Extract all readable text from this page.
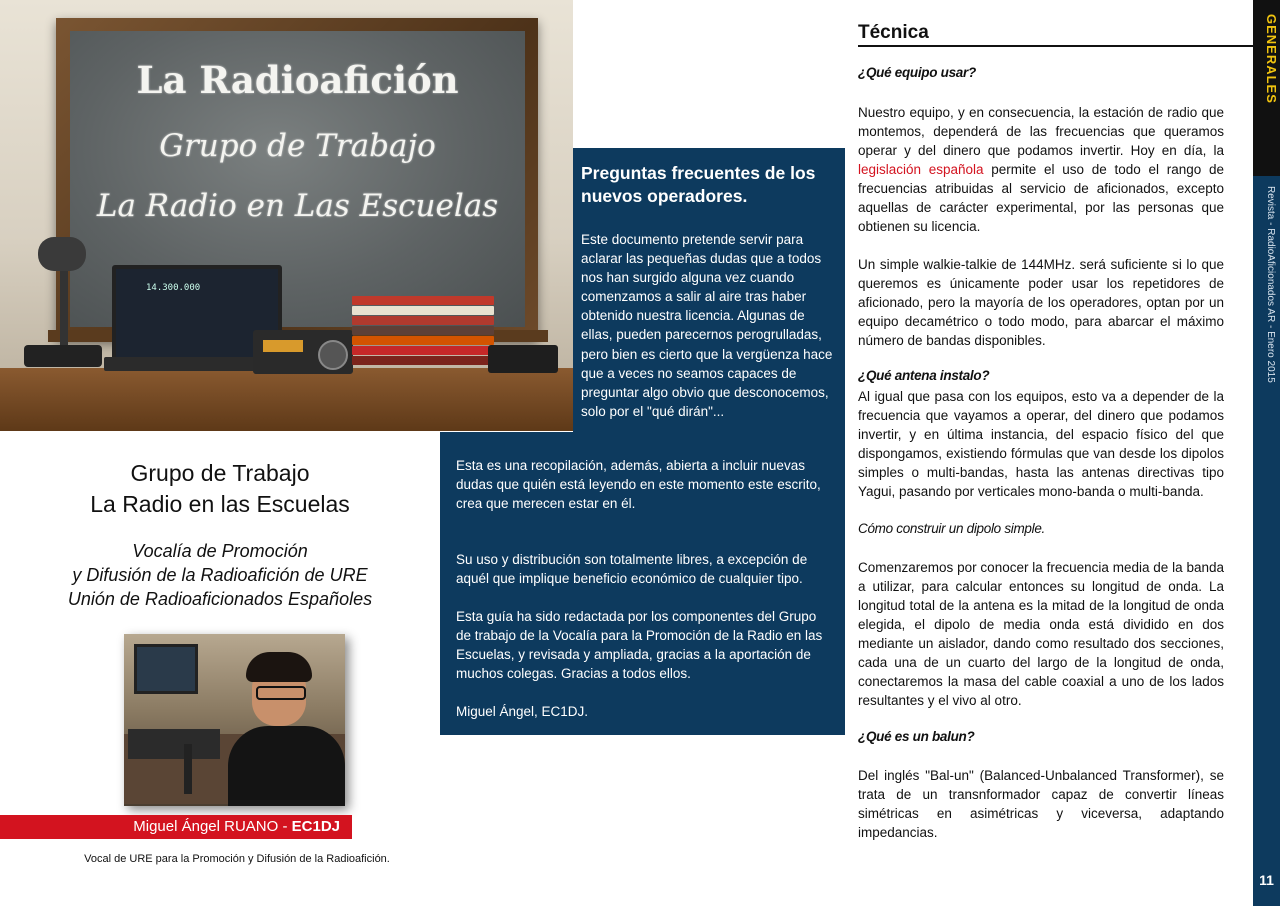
La Radioafición
Grupo de Trabajo
La Radio en Las Escuelas
14.300.000
Preguntas frecuentes de los nuevos operadores.
Este documento pretende servir para aclarar las pequeñas dudas que a todos nos han surgido alguna vez cuando comenzamos a salir al aire tras haber obtenido nuestra licencia. Algunas de ellas, pueden parecernos perogrulladas, pero bien es cierto que la vergüenza hace que a veces no seamos capaces de preguntar algo obvio que desconocemos, solo por el "qué dirán"...

Esta es una recopilación, además, abierta a incluir nuevas dudas que quién está leyendo en este momento este escrito, crea que merecen estar en él.

Su uso y distribución son totalmente libres, a excepción de aquél que implique beneficio económico de cualquier tipo.

Esta guía ha sido redactada por los componentes del Grupo de trabajo de la Vocalía para la Promoción de la Radio en las Escuelas, y revisada y ampliada, gracias a la aportación de muchos colegas. Gracias a todos ellos.

Miguel Ángel, EC1DJ.

Grupo de Trabajo
La Radio en las Escuelas
Vocalía de Promoción
y Difusión de la Radioafición de URE
Unión de Radioaficionados Españoles
Miguel Ángel RUANO - EC1DJ
Vocal de URE para la Promoción y Difusión de la Radioafición.
Técnica

¿Qué equipo usar?

Nuestro equipo, y en consecuencia, la estación de radio que montemos, dependerá de las frecuencias que queramos operar y del dinero que podamos invertir. Hoy en día, la legislación española permite el uso de todo el rango de frecuencias atribuidas al servicio de aficionados, excepto aquellas de carácter experimental, por las personas que obtienen su licencia.

Un simple walkie-talkie de 144MHz. será suficiente si lo que queremos es únicamente poder usar los repetidores de aficionado, pero la mayoría de los operadores, optan por un equipo decamétrico o todo modo, para abarcar el máximo número de bandas disponibles.

¿Qué antena instalo?

Al igual que pasa con los equipos, esto va a depender de la frecuencia que vayamos a operar, del dinero que podamos invertir, y en última instancia, del espacio físico del que dispongamos, existiendo fórmulas que van desde los dipolos simples o multi-bandas, hasta las antenas directivas tipo Yagui, pasando por verticales mono-banda o multi-banda.

Cómo construir un dipolo simple.

Comenzaremos por conocer la frecuencia media de la banda a utilizar, para calcular entonces su longitud de onda. La longitud total de la antena es la mitad de la longitud de onda elegida, el dipolo de media onda está dividido en dos mediante un aislador, dando como resultado dos secciones, cada una de un cuarto del largo de la longitud de onda, conectaremos la masa del cable coaxial a uno de los lados resultantes y el vivo al otro.

¿Qué es un balun?

Del inglés "Bal-un" (Balanced-Unbalanced Transformer), se trata de un transnformador capaz de convertir líneas simétricas en asimétricas y viceversa, adaptando impedancias.

GENERALES
Revista - RadioAficionados AR - Enero 2015
11
